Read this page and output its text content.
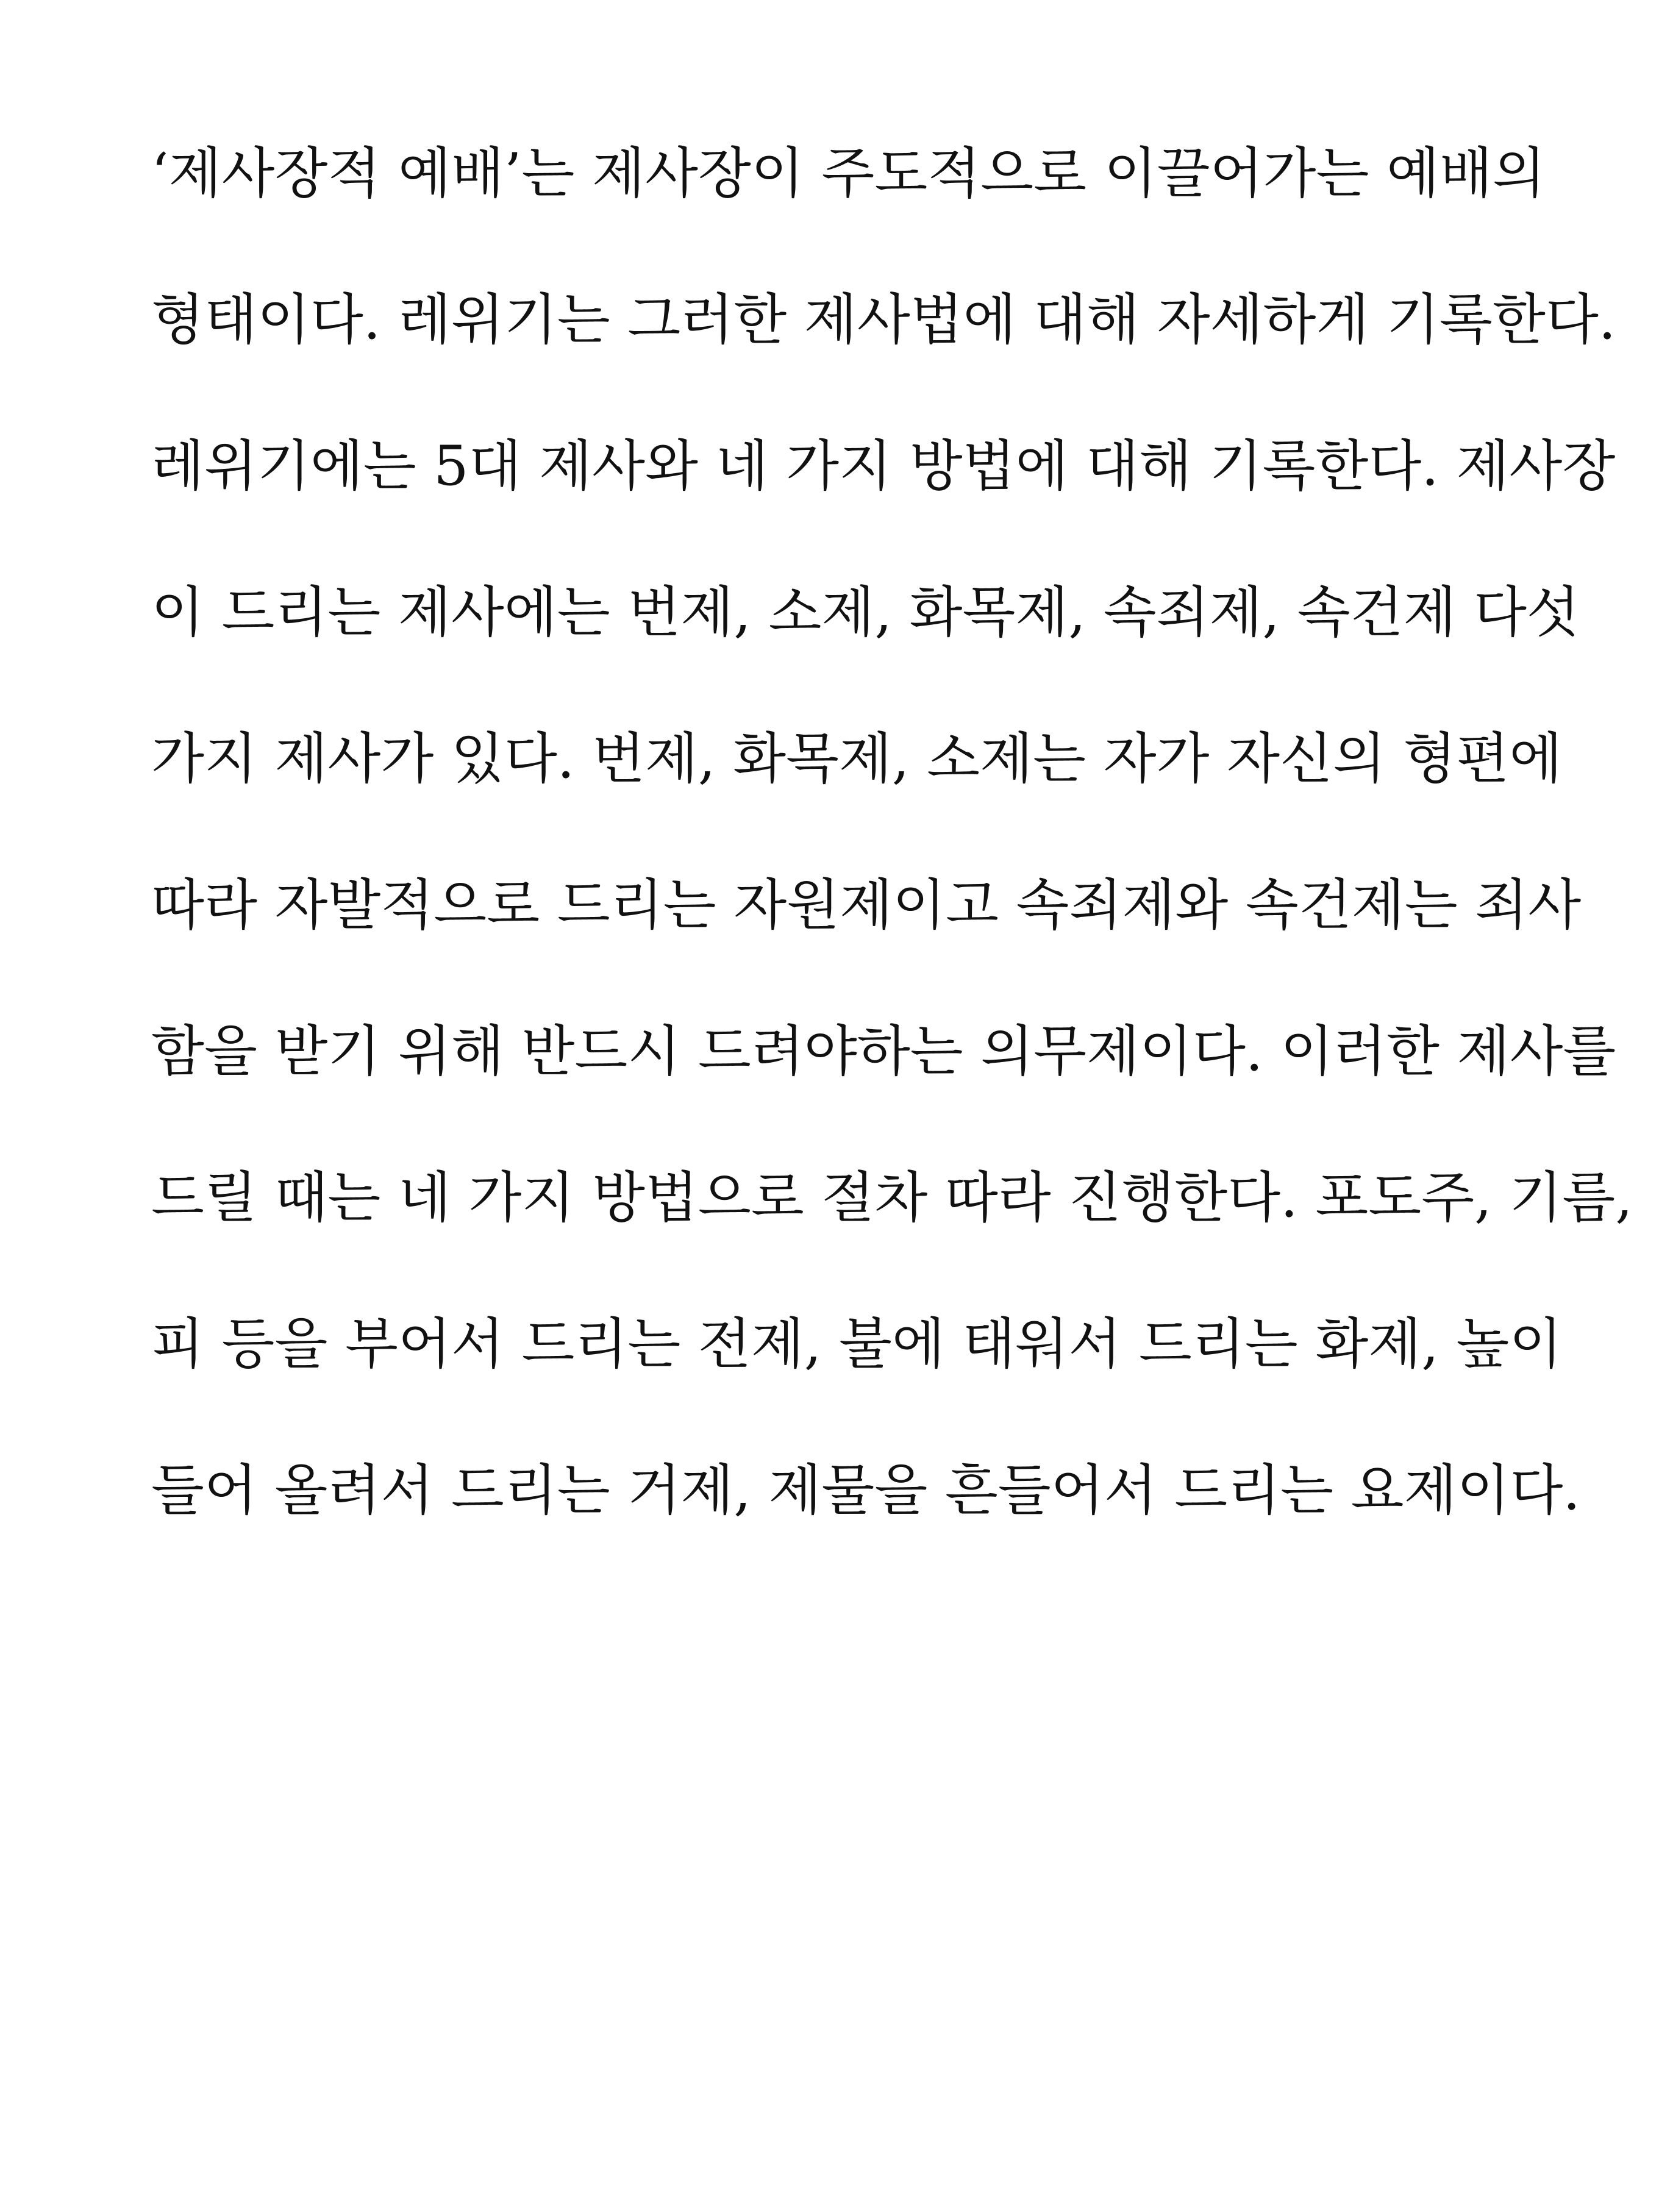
‘제사장적 예배’는 제사장이 주도적으로 이끌어가는 예배의
형태이다. 레위기는 그러한 제사법에 대해 자세하게 기록한다.
레위기에는 5대 제사와 네 가지 방법에 대해 기록한다. 제사장
이 드리는 제사에는 번제, 소제, 화목제, 속죄제, 속건제 다섯
가지 제사가 있다. 번제, 화목제, 소제는 자가 자신의 형편에
따라 자발적으로 드리는 자원제이고 속죄제와 속건제는 죄사
함을 받기 위해 반드시 드려야하는 의무제이다. 이러한 제사를
드릴 때는 네 가지 방법으로 절차 따라 진행한다. 포도주, 기름,
피 등을 부어서 드리는 전제, 불에 태워서 드리는 화제, 높이
들어 올려서 드리는 거제, 제물을 흔들어서 드리는 요제이다.
